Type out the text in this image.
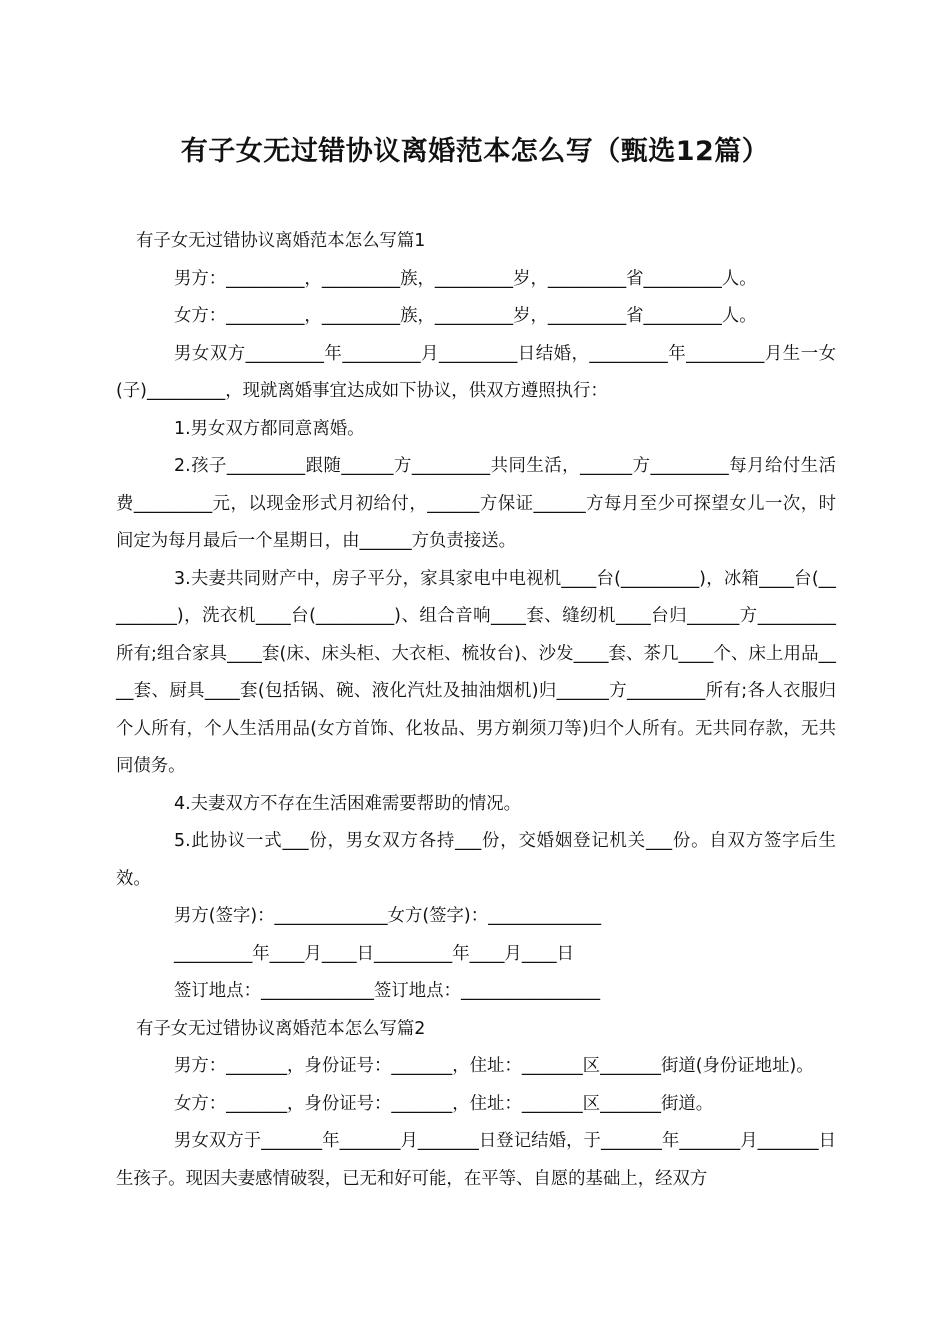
有子女无过错协议离婚范本怎么写（甄选12篇）

有子女无过错协议离婚范本怎么写篇1

男方：_________，_________族，_________岁，_________省_________人。

女方：_________，_________族，_________岁，_________省_________人。

男女双方_________年_________月_________日结婚，_________年_________月生一女(子)_________，现就离婚事宜达成如下协议，供双方遵照执行：

1.男女双方都同意离婚。

2.孩子_________跟随______方_________共同生活，______方_________每月给付生活费_________元，以现金形式月初给付，______方保证______方每月至少可探望女儿一次，时间定为每月最后一个星期日，由______方负责接送。

3.夫妻共同财产中，房子平分，家具家电中电视机____台(_________)，冰箱____台(_________)，洗衣机____台(_________)、组合音响____套、缝纫机____台归______方_________所有;组合家具____套(床、床头柜、大衣柜、梳妆台)、沙发____套、茶几____个、床上用品____套、厨具____套(包括锅、碗、液化汽灶及抽油烟机)归______方_________所有;各人衣服归个人所有，个人生活用品(女方首饰、化妆品、男方剃须刀等)归个人所有。无共同存款，无共同债务。

4.夫妻双方不存在生活困难需要帮助的情况。

5.此协议一式___份，男女双方各持___份，交婚姻登记机关___份。自双方签字后生效。

男方(签字)：_____________女方(签字)：_____________

_________年____月____日_________年____月____日

签订地点：_____________签订地点：________________

有子女无过错协议离婚范本怎么写篇2

男方：_______，身份证号：_______，住址：_______区_______街道(身份证地址)。

女方：_______，身份证号：_______，住址：_______区_______街道。

男女双方于_______年_______月_______日登记结婚，于_______年_______月_______日生孩子。现因夫妻感情破裂，已无和好可能，在平等、自愿的基础上，经双方
